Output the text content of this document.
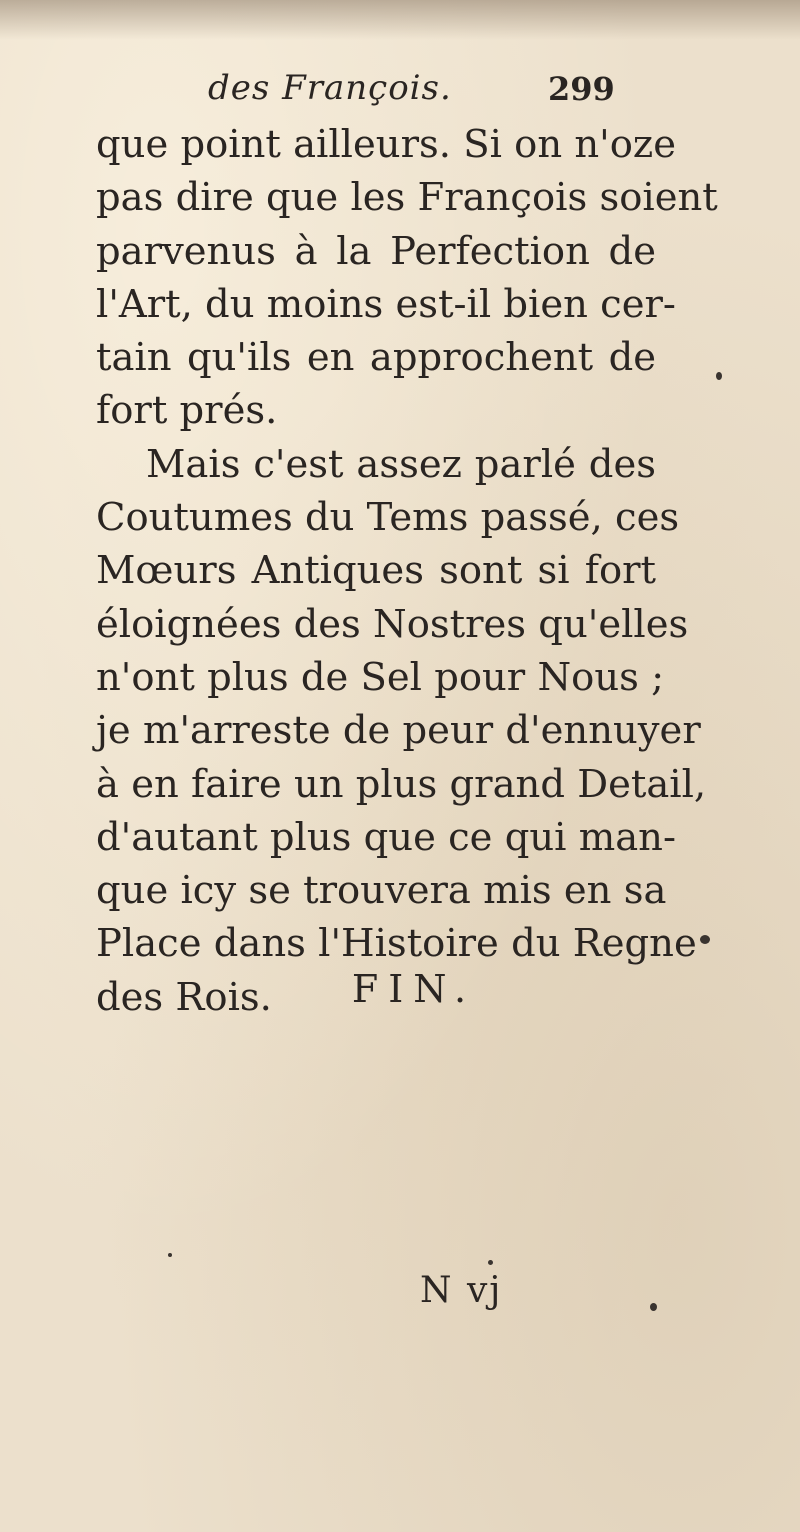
des François.	299
que point ailleurs. Si on n'oze
pas dire que les François soient
parvenus à la Perfection de
l'Art, du moins est-il bien cer-
tain qu'ils en approchent de
fort prés.
Mais c'est assez parlé des
Coutumes du Tems passé, ces
Mœurs Antiques sont si fort
éloignées des Nostres qu'elles
n'ont plus de Sel pour Nous ;
je m'arreste de peur d'ennuyer
à en faire un plus grand Detail,
d'autant plus que ce qui man-
que icy se trouvera mis en sa
Place dans l'Histoire du Regne
des Rois.	FIN.
N vj
